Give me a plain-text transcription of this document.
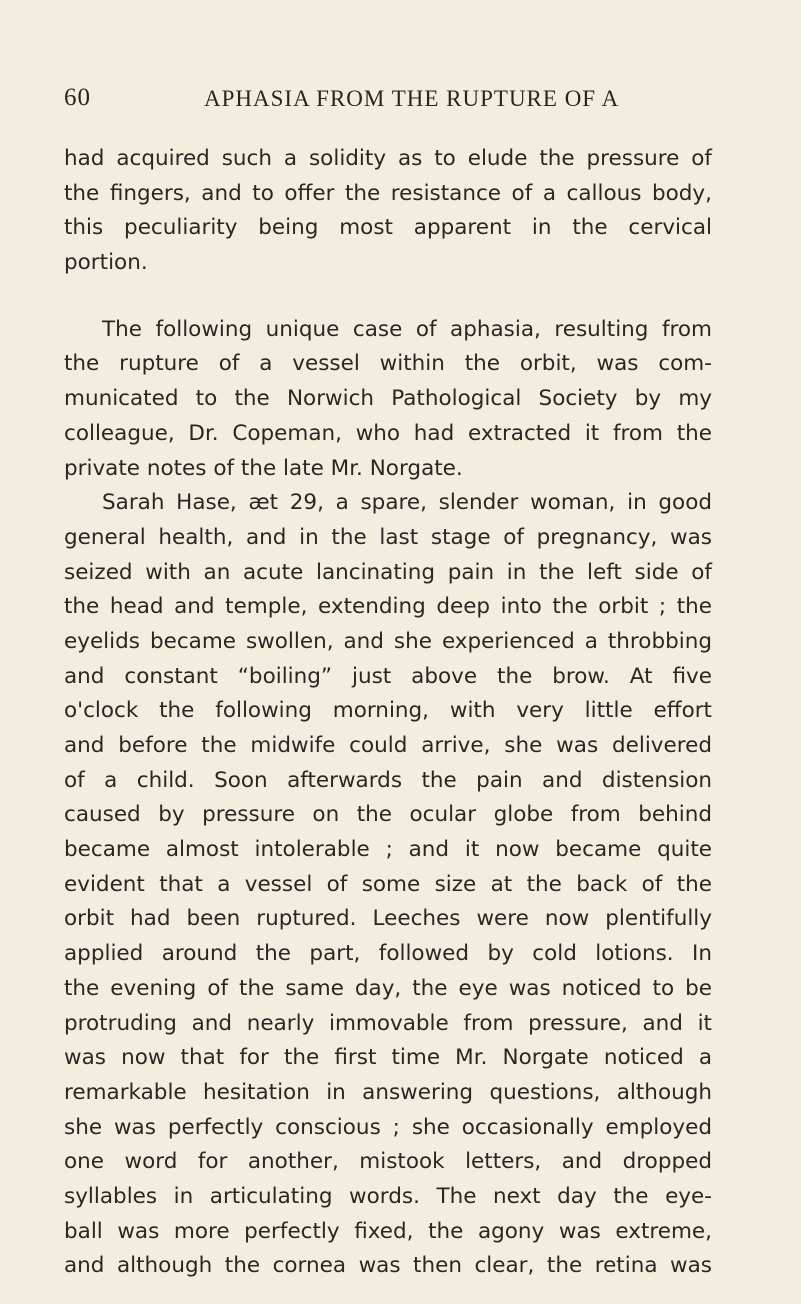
60	APHASIA FROM THE RUPTURE OF A
had acquired such a solidity as to elude the pressure of
the fingers, and to offer the resistance of a callous body,
this peculiarity being most apparent in the cervical
portion.
The following unique case of aphasia, resulting from
the rupture of a vessel within the orbit, was com-
municated to the Norwich Pathological Society by my
colleague, Dr. Copeman, who had extracted it from the
private notes of the late Mr. Norgate.
Sarah Hase, æt 29, a spare, slender woman, in good
general health, and in the last stage of pregnancy, was
seized with an acute lancinating pain in the left side of
the head and temple, extending deep into the orbit ; the
eyelids became swollen, and she experienced a throbbing
and constant “boiling” just above the brow. At five
o'clock the following morning, with very little effort
and before the midwife could arrive, she was delivered
of a child. Soon afterwards the pain and distension
caused by pressure on the ocular globe from behind
became almost intolerable ; and it now became quite
evident that a vessel of some size at the back of the
orbit had been ruptured. Leeches were now plentifully
applied around the part, followed by cold lotions. In
the evening of the same day, the eye was noticed to be
protruding and nearly immovable from pressure, and it
was now that for the first time Mr. Norgate noticed a
remarkable hesitation in answering questions, although
she was perfectly conscious ; she occasionally employed
one word for another, mistook letters, and dropped
syllables in articulating words. The next day the eye-
ball was more perfectly fixed, the agony was extreme,
and although the cornea was then clear, the retina was
